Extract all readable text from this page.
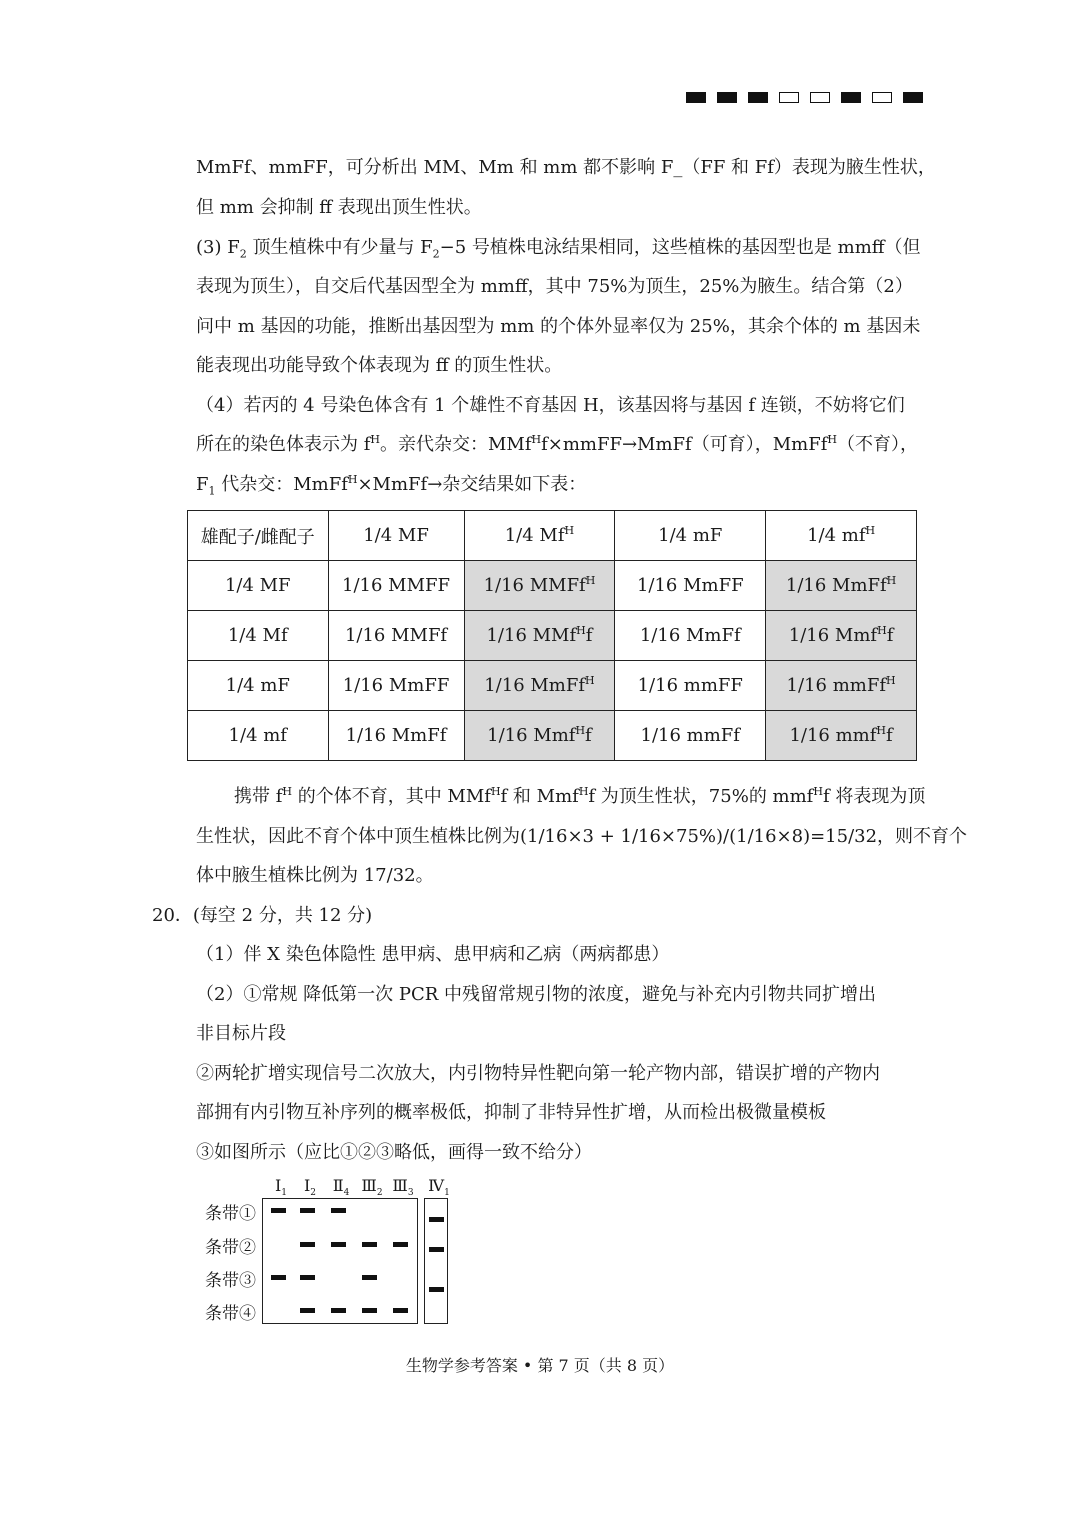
MmFf、mmFF，可分析出 MM、Mm 和 mm 都不影响 F_（FF 和 Ff）表现为腋生性状，
但 mm 会抑制 ff 表现出顶生性状。
(3) $F_2$ 顶生植株中有少量与 $F_2-5$ 号植株电泳结果相同，这些植株的基因型也是 mmff（但
表现为顶生），自交后代基因型全为 mmff，其中 75%为顶生，25%为腋生。结合第（2）
问中 m 基因的功能，推断出基因型为 mm 的个体外显率仅为 25%，其余个体的 m 基因未
能表现出功能导致个体表现为 ff 的顶生性状。
（4）若丙的 4 号染色体含有 1 个雄性不育基因 H，该基因将与基因 f 连锁，不妨将它们
所在的染色体表示为 $f^H$。亲代杂交：MMf$^H$f×mmFF→MmFf（可育），MmFf$^H$（不育），
$F_1$ 代杂交：MmFf$^H$×MmFf→杂交结果如下表：
雄配子/雌配子	1/4 MF	1/4 $Mf^H$	1/4 mF	1/4 $mf^H$
1/4 MF	1/16 MMFF	1/16 MMFf$^H$	1/16 MmFF	1/16 MmFf$^H$
1/4 Mf	1/16 MMFf	1/16 MMf$^H$f	1/16 MmFf	1/16 Mmf$^H$f
1/4 mF	1/16 MmFF	1/16 MmFf$^H$	1/16 mmFF	1/16 mmFf$^H$
1/4 mf	1/16 MmFf	1/16 Mmf$^H$f	1/16 mmFf	1/16 mmf$^H$f
携带 $f^H$ 的个体不育，其中 MMf$^H$f 和 Mmf$^H$f 为顶生性状，75%的 mmf$^H$f 将表现为顶
生性状，因此不育个体中顶生植株比例为(1/16×3 + 1/16×75%)/(1/16×8)=15/32，则不育个
体中腋生植株比例为 17/32。
20．(每空 2 分，共 12 分)
（1）伴 X 染色体隐性 患甲病、患甲病和乙病（两病都患）
（2）①常规 降低第一次 PCR 中残留常规引物的浓度，避免与补充内引物共同扩增出
非目标片段
②两轮扩增实现信号二次放大，内引物特异性靶向第一轮产物内部，错误扩增的产物内
部拥有内引物互补序列的概率极低，抑制了非特异性扩增，从而检出极微量模板
③如图所示（应比①②③略低，画得一致不给分）
$Ⅰ_1$	$Ⅰ_2$	$Ⅱ_4$ $Ⅲ_2$ $Ⅲ_3$ $Ⅳ_1$
条带①
条带②
条带③
条带④
生物学参考答案 • 第 7 页（共 8 页）
